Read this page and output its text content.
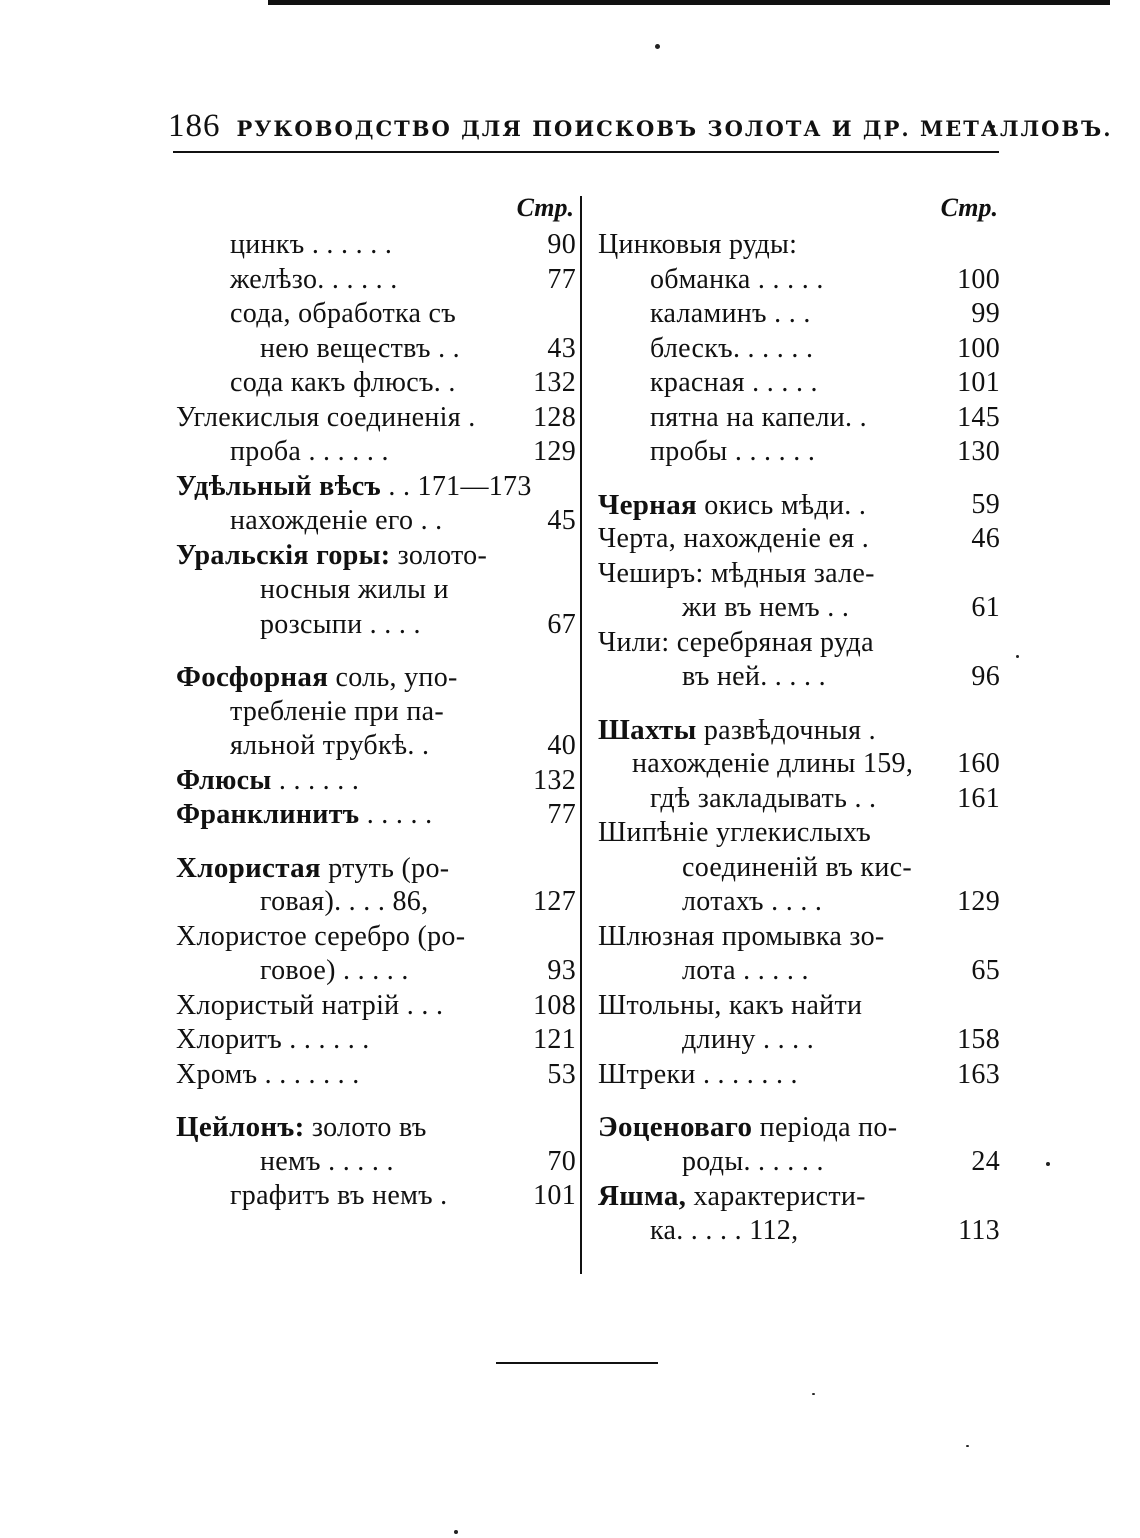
186 РУКОВОДСТВО ДЛЯ ПОИСКОВЪ ЗОЛОТА И ДР. МЕТАЛЛОВЪ.
Стр.
цинкъ . . . . . .	90
желѣзо. . . . . .	77
сода, обработка съ
нею веществъ . .	43
сода какъ флюсъ. .	132
Углекислыя соединенія . 128
проба . . . . . .	129
Удѣльный вѣсъ . . 171—173
нахожденіе его . .	45
Уральскія горы: золото-
носныя жилы и
розсыпи . . . .	67
Фосфорная соль, упо-
требленіе при па-
яльной трубкѣ. .	40
Флюсы . . . . . .	132
Франклинитъ . . . . .	77
Хлористая ртуть (ро-
говая). . . . 86,	127
Хлористое серебро (ро-
говое) . . . . .	93
Хлористый натрій . . .	108
Хлоритъ . . . . . .	121
Хромъ . . . . . . .	53
Цейлонъ: золото въ
немъ . . . . .	70
графитъ въ немъ .	101
Стр.
Цинковыя руды:
обманка . . . . .	100
каламинъ . . .	99
блескъ. . . . . .	100
красная . . . . .	101
пятна на капели. .	145
пробы . . . . . .	130
Черная окись мѣди. .	59
Черта, нахожденіе ея .	46
Чеширъ: мѣдныя зале-
жи въ немъ . .	61
Чили: серебряная руда
въ ней. . . . .	96
Шахты развѣдочныя .
нахожденіе длины 159, 160
гдѣ закладывать . .	161
Шипѣніе углекислыхъ
соединеній въ кис-
лотахъ . . . .	129
Шлюзная промывка зо-
лота . . . . .	65
Штольны, какъ найти
длину . . . .	158
Штреки . . . . . . .	163
Эоценоваго періода по-
роды. . . . . .	24
Яшма, характеристи-
ка. . . . . 112,	113
